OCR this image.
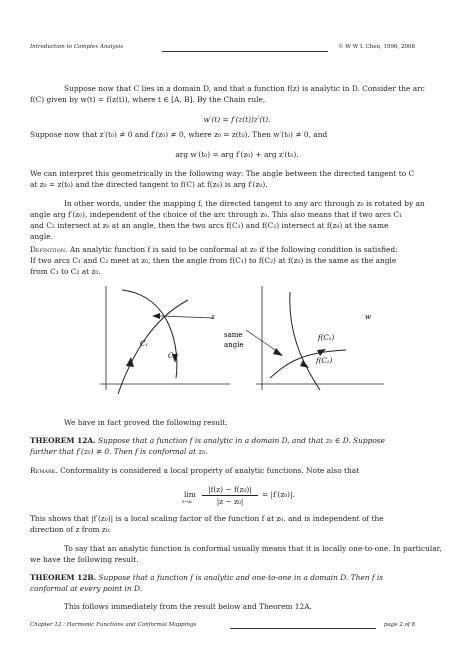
Introduction to Complex Analysis	© W W L Chen, 1996, 2008
Suppose now that C lies in a domain D, and that a function f(z) is analytic in D. Consider the arc
f(C) given by w(t) = f(z(t)), where t ∈ [A, B]. By the Chain rule,
w′(t) = f′(z(t))z′(t).
Suppose now that z′(t₀) ≠ 0 and f′(z₀) ≠ 0, where z₀ = z(t₀). Then w′(t₀) ≠ 0, and
arg w′(t₀) = arg f′(z₀) + arg z′(t₀).
We can interpret this geometrically in the following way: The angle between the directed tangent to C
at z₀ = z(t₀) and the directed tangent to f(C) at f(z₀) is arg f′(z₀).
In other words, under the mapping f, the directed tangent to any arc through z₀ is rotated by an
angle arg f′(z₀), independent of the choice of the arc through z₀. This also means that if two arcs C₁
and C₂ intersect at z₀ at an angle, then the two arcs f(C₁) and f(C₂) intersect at f(z₀) at the same
angle.
Definition. An analytic function f is said to be conformal at z₀ if the following condition is satisfied:
If two arcs C₁ and C₂ meet at z₀, then the angle from f(C₁) to f(C₂) at f(z₀) is the same as the angle
from C₁ to C₂ at z₀.
z	w
same
angle
C₁
C₂
f(C₂)
f(C₁)
We have in fact proved the following result.
THEOREM 12A. Suppose that a function f is analytic in a domain D, and that z₀ ∈ D. Suppose
further that f′(z₀) ≠ 0. Then f is conformal at z₀.
Remark. Conformality is considered a local property of analytic functions. Note also that
lim
z→z₀
|f(z) − f(z₀)|
|z − z₀|
= |f′(z₀)|.
This shows that |f′(z₀)| is a local scaling factor of the function f at z₀, and is independent of the
direction of z from z₀.
To say that an analytic function is conformal usually means that it is locally one-to-one. In particular,
we have the following result.
THEOREM 12B. Suppose that a function f is analytic and one-to-one in a domain D. Then f is
conformal at every point in D.
This follows immediately from the result below and Theorem 12A.
Chapter 12 : Harmonic Functions and Conformal Mappings	page 2 of 8
